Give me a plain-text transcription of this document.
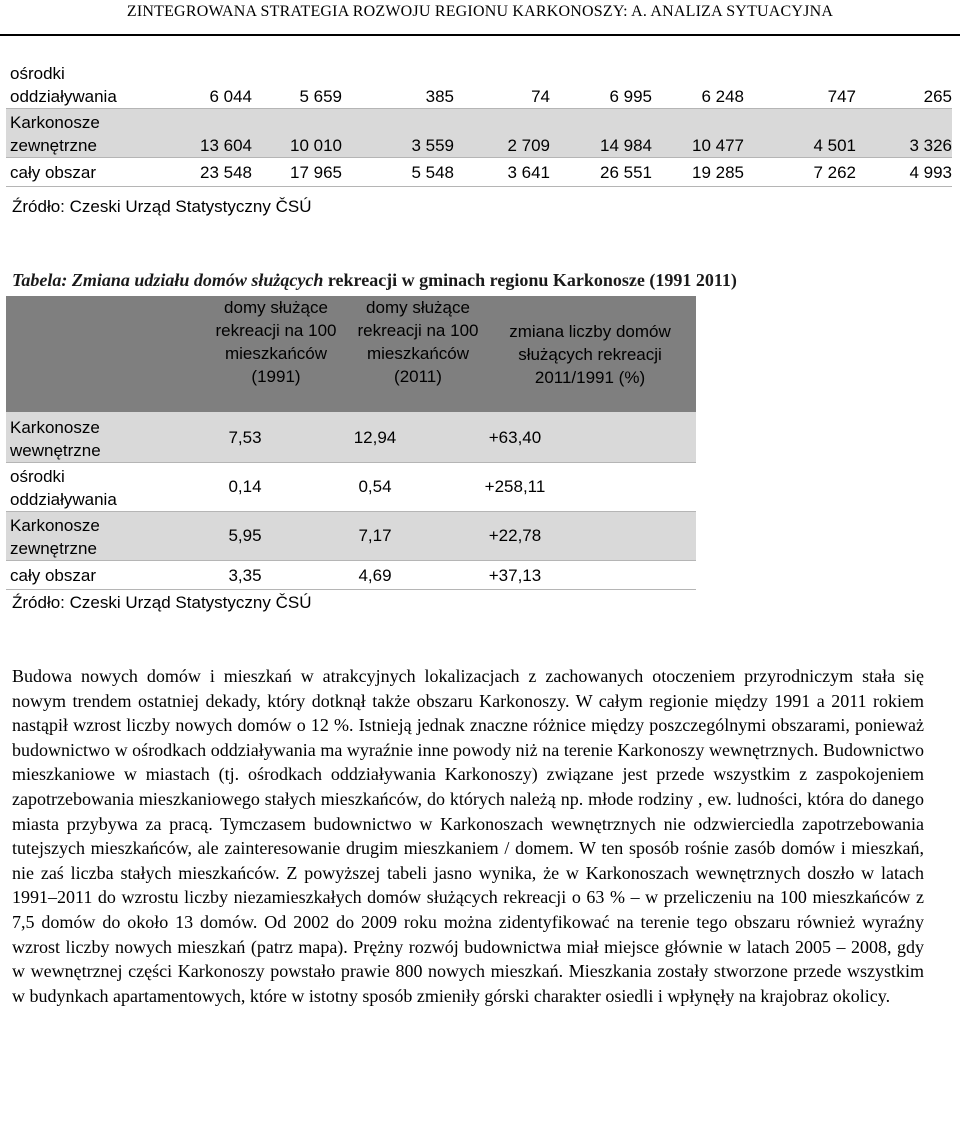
ZINTEGROWANA STRATEGIA ROZWOJU REGIONU KARKONOSZY: A. ANALIZA SYTUACYJNA
ośrodki
oddziaływania	6 044	5 659	385	74	6 995	6 248	747	265
Karkonosze
zewnętrzne	13 604	10 010	3 559	2 709	14 984	10 477	4 501	3 326
cały obszar	23 548	17 965	5 548	3 641	26 551	19 285	7 262	4 993
Źródło: Czeski Urząd Statystyczny ČSÚ
Tabela: Zmiana udziału domów służących rekreacji w gminach regionu Karkonosze (1991 2011)
domy służące rekreacji na 100 mieszkańców (1991)
domy służące rekreacji na 100 mieszkańców (2011)
zmiana liczby domów służących rekreacji 2011/1991 (%)
Karkonosze
wewnętrzne
7,53	12,94	+63,40
ośrodki
oddziaływania
0,14	0,54	+258,11
Karkonosze
zewnętrzne
5,95	7,17	+22,78
cały obszar	3,35	4,69	+37,13
Źródło: Czeski Urząd Statystyczny ČSÚ
Budowa nowych domów i mieszkań w atrakcyjnych lokalizacjach z zachowanych otoczeniem przyrodniczym stała się nowym trendem ostatniej dekady, który dotknął także obszaru Karkonoszy. W całym regionie między 1991 a 2011 rokiem nastąpił wzrost liczby nowych domów o 12 %. Istnieją jednak znaczne różnice między poszczególnymi obszarami, ponieważ budownictwo w ośrodkach oddziaływania ma wyraźnie inne powody niż na terenie Karkonoszy wewnętrznych. Budownictwo mieszkaniowe w miastach (tj. ośrodkach oddziaływania Karkonoszy) związane jest przede wszystkim z zaspokojeniem zapotrzebowania mieszkaniowego stałych mieszkańców, do których należą np. młode rodziny , ew. ludności, która do danego miasta przybywa za pracą. Tymczasem budownictwo w Karkonoszach wewnętrznych nie odzwierciedla zapotrzebowania tutejszych mieszkańców, ale zainteresowanie drugim mieszkaniem / domem. W ten sposób rośnie zasób domów i mieszkań, nie zaś liczba stałych mieszkańców. Z powyższej tabeli jasno wynika, że w Karkonoszach wewnętrznych doszło w latach 1991–2011 do wzrostu liczby niezamieszkałych domów służących rekreacji o 63 % – w przeliczeniu na 100 mieszkańców z 7,5 domów do około 13 domów. Od 2002 do 2009 roku można zidentyfikować na terenie tego obszaru również wyraźny wzrost liczby nowych mieszkań (patrz mapa). Prężny rozwój budownictwa miał miejsce głównie w latach 2005 – 2008, gdy w wewnętrznej części Karkonoszy powstało prawie 800 nowych mieszkań. Mieszkania zostały stworzone przede wszystkim w budynkach apartamentowych, które w istotny sposób zmieniły górski charakter osiedli i wpłynęły na krajobraz okolicy.
